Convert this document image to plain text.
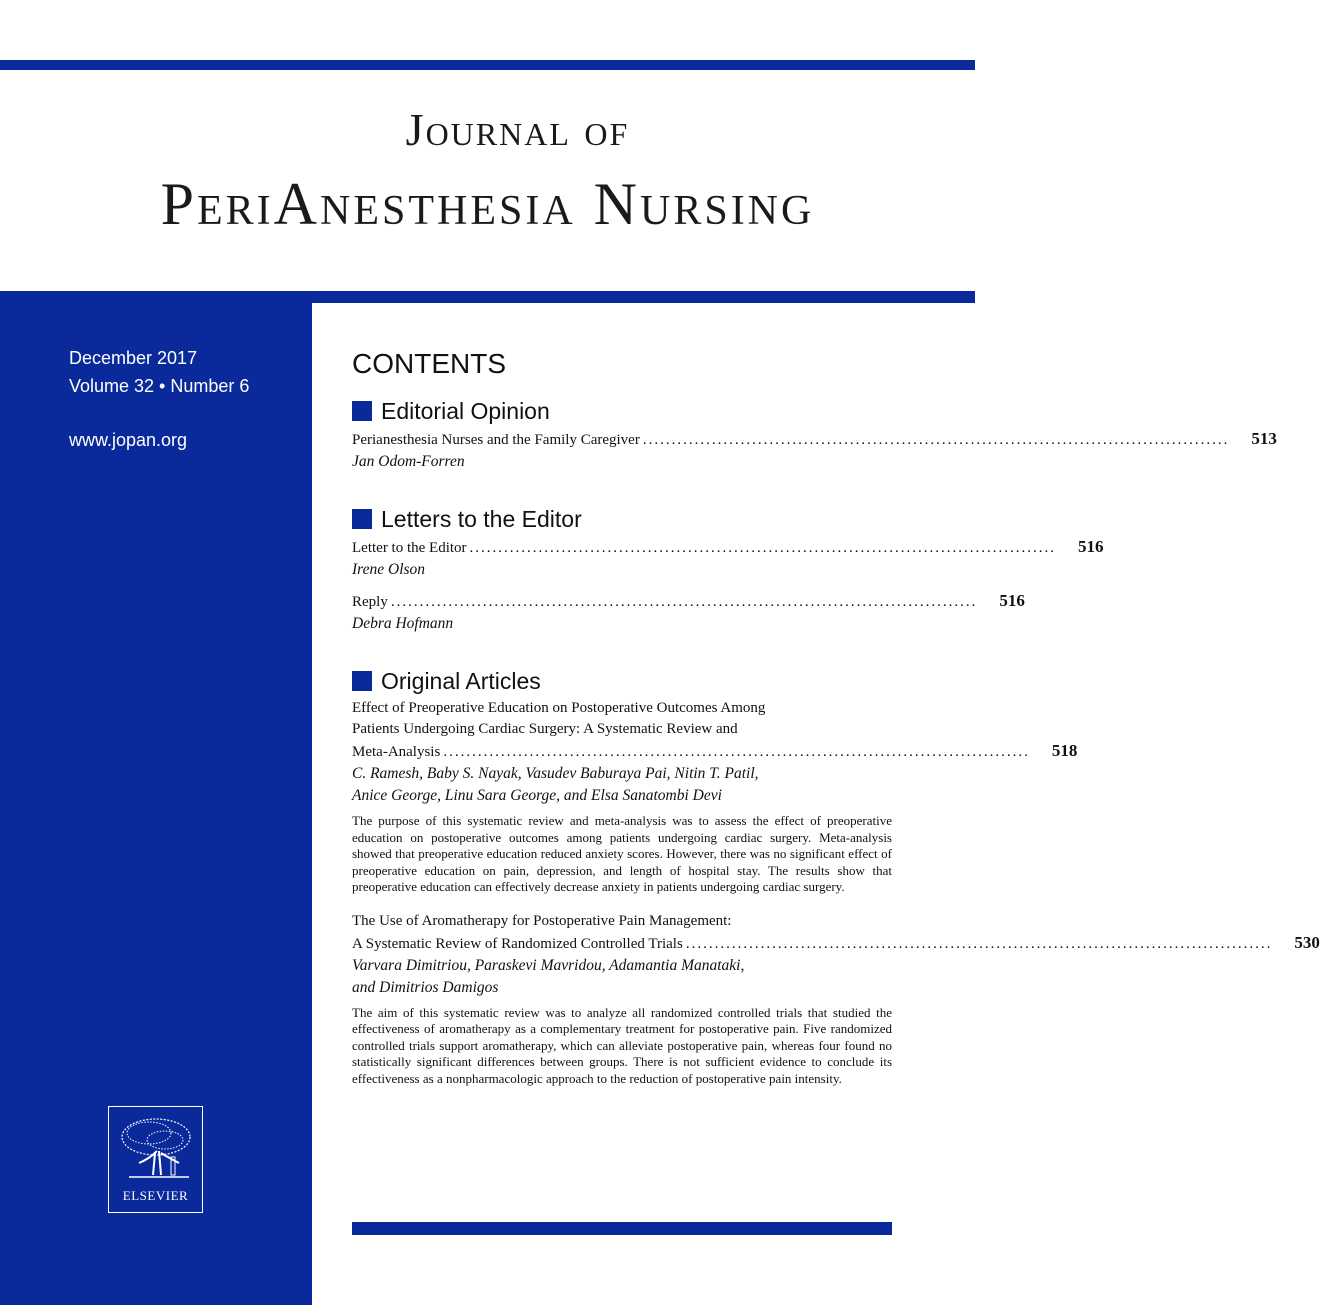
Journal of
PeriAnesthesia Nursing
December 2017
Volume 32 • Number 6
www.jopan.org
ELSEVIER
CONTENTS
Editorial Opinion
Perianesthesia Nurses and the Family Caregiver ...................................................................................................... 513
Jan Odom-Forren
Letters to the Editor
Letter to the Editor ...................................................................................................... 516
Irene Olson
Reply ...................................................................................................... 516
Debra Hofmann
Original Articles
Effect of Preoperative Education on Postoperative Outcomes Among
Patients Undergoing Cardiac Surgery: A Systematic Review and
Meta-Analysis ...................................................................................................... 518
C. Ramesh, Baby S. Nayak, Vasudev Baburaya Pai, Nitin T. Patil,
Anice George, Linu Sara George, and Elsa Sanatombi Devi
The purpose of this systematic review and meta-analysis was to assess the effect of preoperative education on postoperative outcomes among patients undergoing cardiac surgery. Meta-analysis showed that preoperative education reduced anxiety scores. However, there was no significant effect of preoperative education on pain, depression, and length of hospital stay. The results show that preoperative education can effectively decrease anxiety in patients undergoing cardiac surgery.
The Use of Aromatherapy for Postoperative Pain Management:
A Systematic Review of Randomized Controlled Trials ...................................................................................................... 530
Varvara Dimitriou, Paraskevi Mavridou, Adamantia Manataki,
and Dimitrios Damigos
The aim of this systematic review was to analyze all randomized controlled trials that studied the effectiveness of aromatherapy as a complementary treatment for postoperative pain. Five randomized controlled trials support aromatherapy, which can alleviate postoperative pain, whereas four found no statistically significant differences between groups. There is not sufficient evidence to conclude its effectiveness as a nonpharmacologic approach to the reduction of postoperative pain intensity.
